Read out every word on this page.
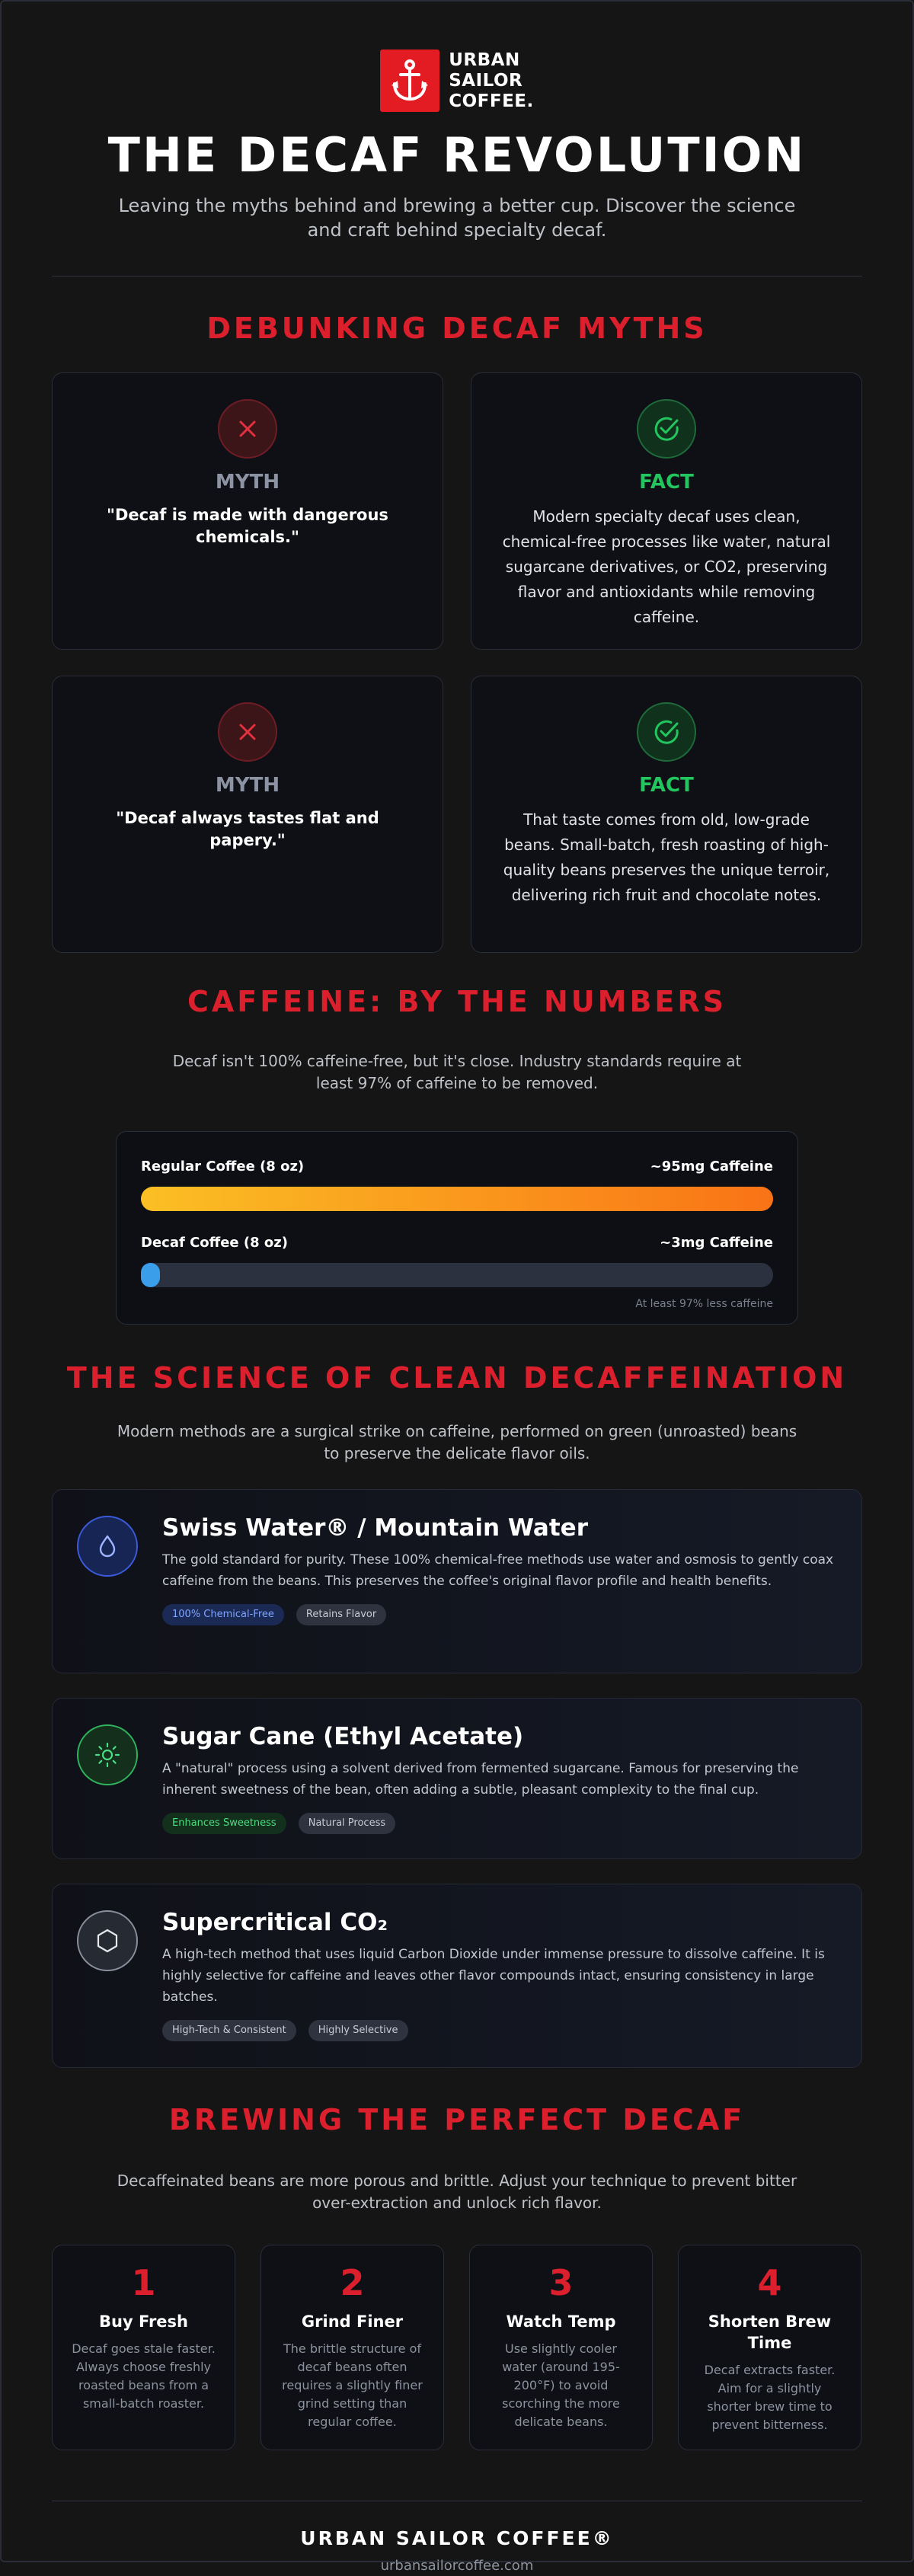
URBAN
SAILOR
COFFEE.
THE DECAF REVOLUTION

Leaving the myths behind and brewing a better cup. Discover the science and craft behind specialty decaf.

DEBUNKING DECAF MYTHS
MYTH
"Decaf is made with dangerous chemicals."
FACT
Modern specialty decaf uses clean, chemical-free processes like water, natural sugarcane derivatives, or CO2, preserving flavor and antioxidants while removing caffeine.
MYTH
"Decaf always tastes flat and papery."
FACT
That taste comes from old, low-grade beans. Small-batch, fresh roasting of high-quality beans preserves the unique terroir, delivering rich fruit and chocolate notes.
CAFFEINE: BY THE NUMBERS

Decaf isn't 100% caffeine-free, but it's close. Industry standards require at least 97% of caffeine to be removed.

Regular Coffee (8 oz)	~95mg Caffeine
Decaf Coffee (8 oz)	~3mg Caffeine
At least 97% less caffeine
THE SCIENCE OF CLEAN DECAFFEINATION

Modern methods are a surgical strike on caffeine, performed on green (unroasted) beans to preserve the delicate flavor oils.

Swiss Water® / Mountain Water

The gold standard for purity. These 100% chemical-free methods use water and osmosis to gently coax caffeine from the beans. This preserves the coffee's original flavor profile and health benefits.

100% Chemical-Free	Retains Flavor
Sugar Cane (Ethyl Acetate)

A "natural" process using a solvent derived from fermented sugarcane. Famous for preserving the inherent sweetness of the bean, often adding a subtle, pleasant complexity to the final cup.

Enhances Sweetness	Natural Process
Supercritical CO₂

A high-tech method that uses liquid Carbon Dioxide under immense pressure to dissolve caffeine. It is highly selective for caffeine and leaves other flavor compounds intact, ensuring consistency in large batches.

High-Tech & Consistent	Highly Selective
BREWING THE PERFECT DECAF

Decaffeinated beans are more porous and brittle. Adjust your technique to prevent bitter over-extraction and unlock rich flavor.

1
Buy Fresh
Decaf goes stale faster. Always choose freshly roasted beans from a small-batch roaster.
2
Grind Finer
The brittle structure of decaf beans often requires a slightly finer grind setting than regular coffee.
3
Watch Temp
Use slightly cooler water (around 195-200°F) to avoid scorching the more delicate beans.
4
Shorten Brew Time
Decaf extracts faster. Aim for a slightly shorter brew time to prevent bitterness.
URBAN SAILOR COFFEE®
urbansailorcoffee.com
